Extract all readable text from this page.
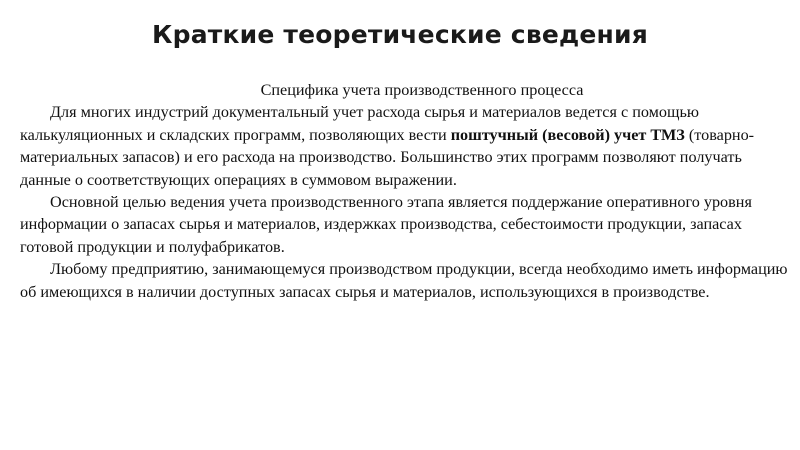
Краткие теоретические сведения
Специфика учета производственного процесса

Для многих индустрий документальный учет расхода сырья и материалов ведется с помощью калькуляционных и складских программ, позволяющих вести поштучный (весовой) учет ТМЗ (товарно-материальных запасов) и его расхода на производство. Большинство этих программ позволяют получать данные о соответствующих операциях в суммовом выражении.

Основной целью ведения учета производственного этапа является поддержание оперативного уровня информации о запасах сырья и материалов, издержках производства, себестоимости продукции, запасах готовой продукции и полуфабрикатов.

Любому предприятию, занимающемуся производством продукции, всегда необходимо иметь информацию об имеющихся в наличии доступных запасах сырья и материалов, использующихся в производстве.
